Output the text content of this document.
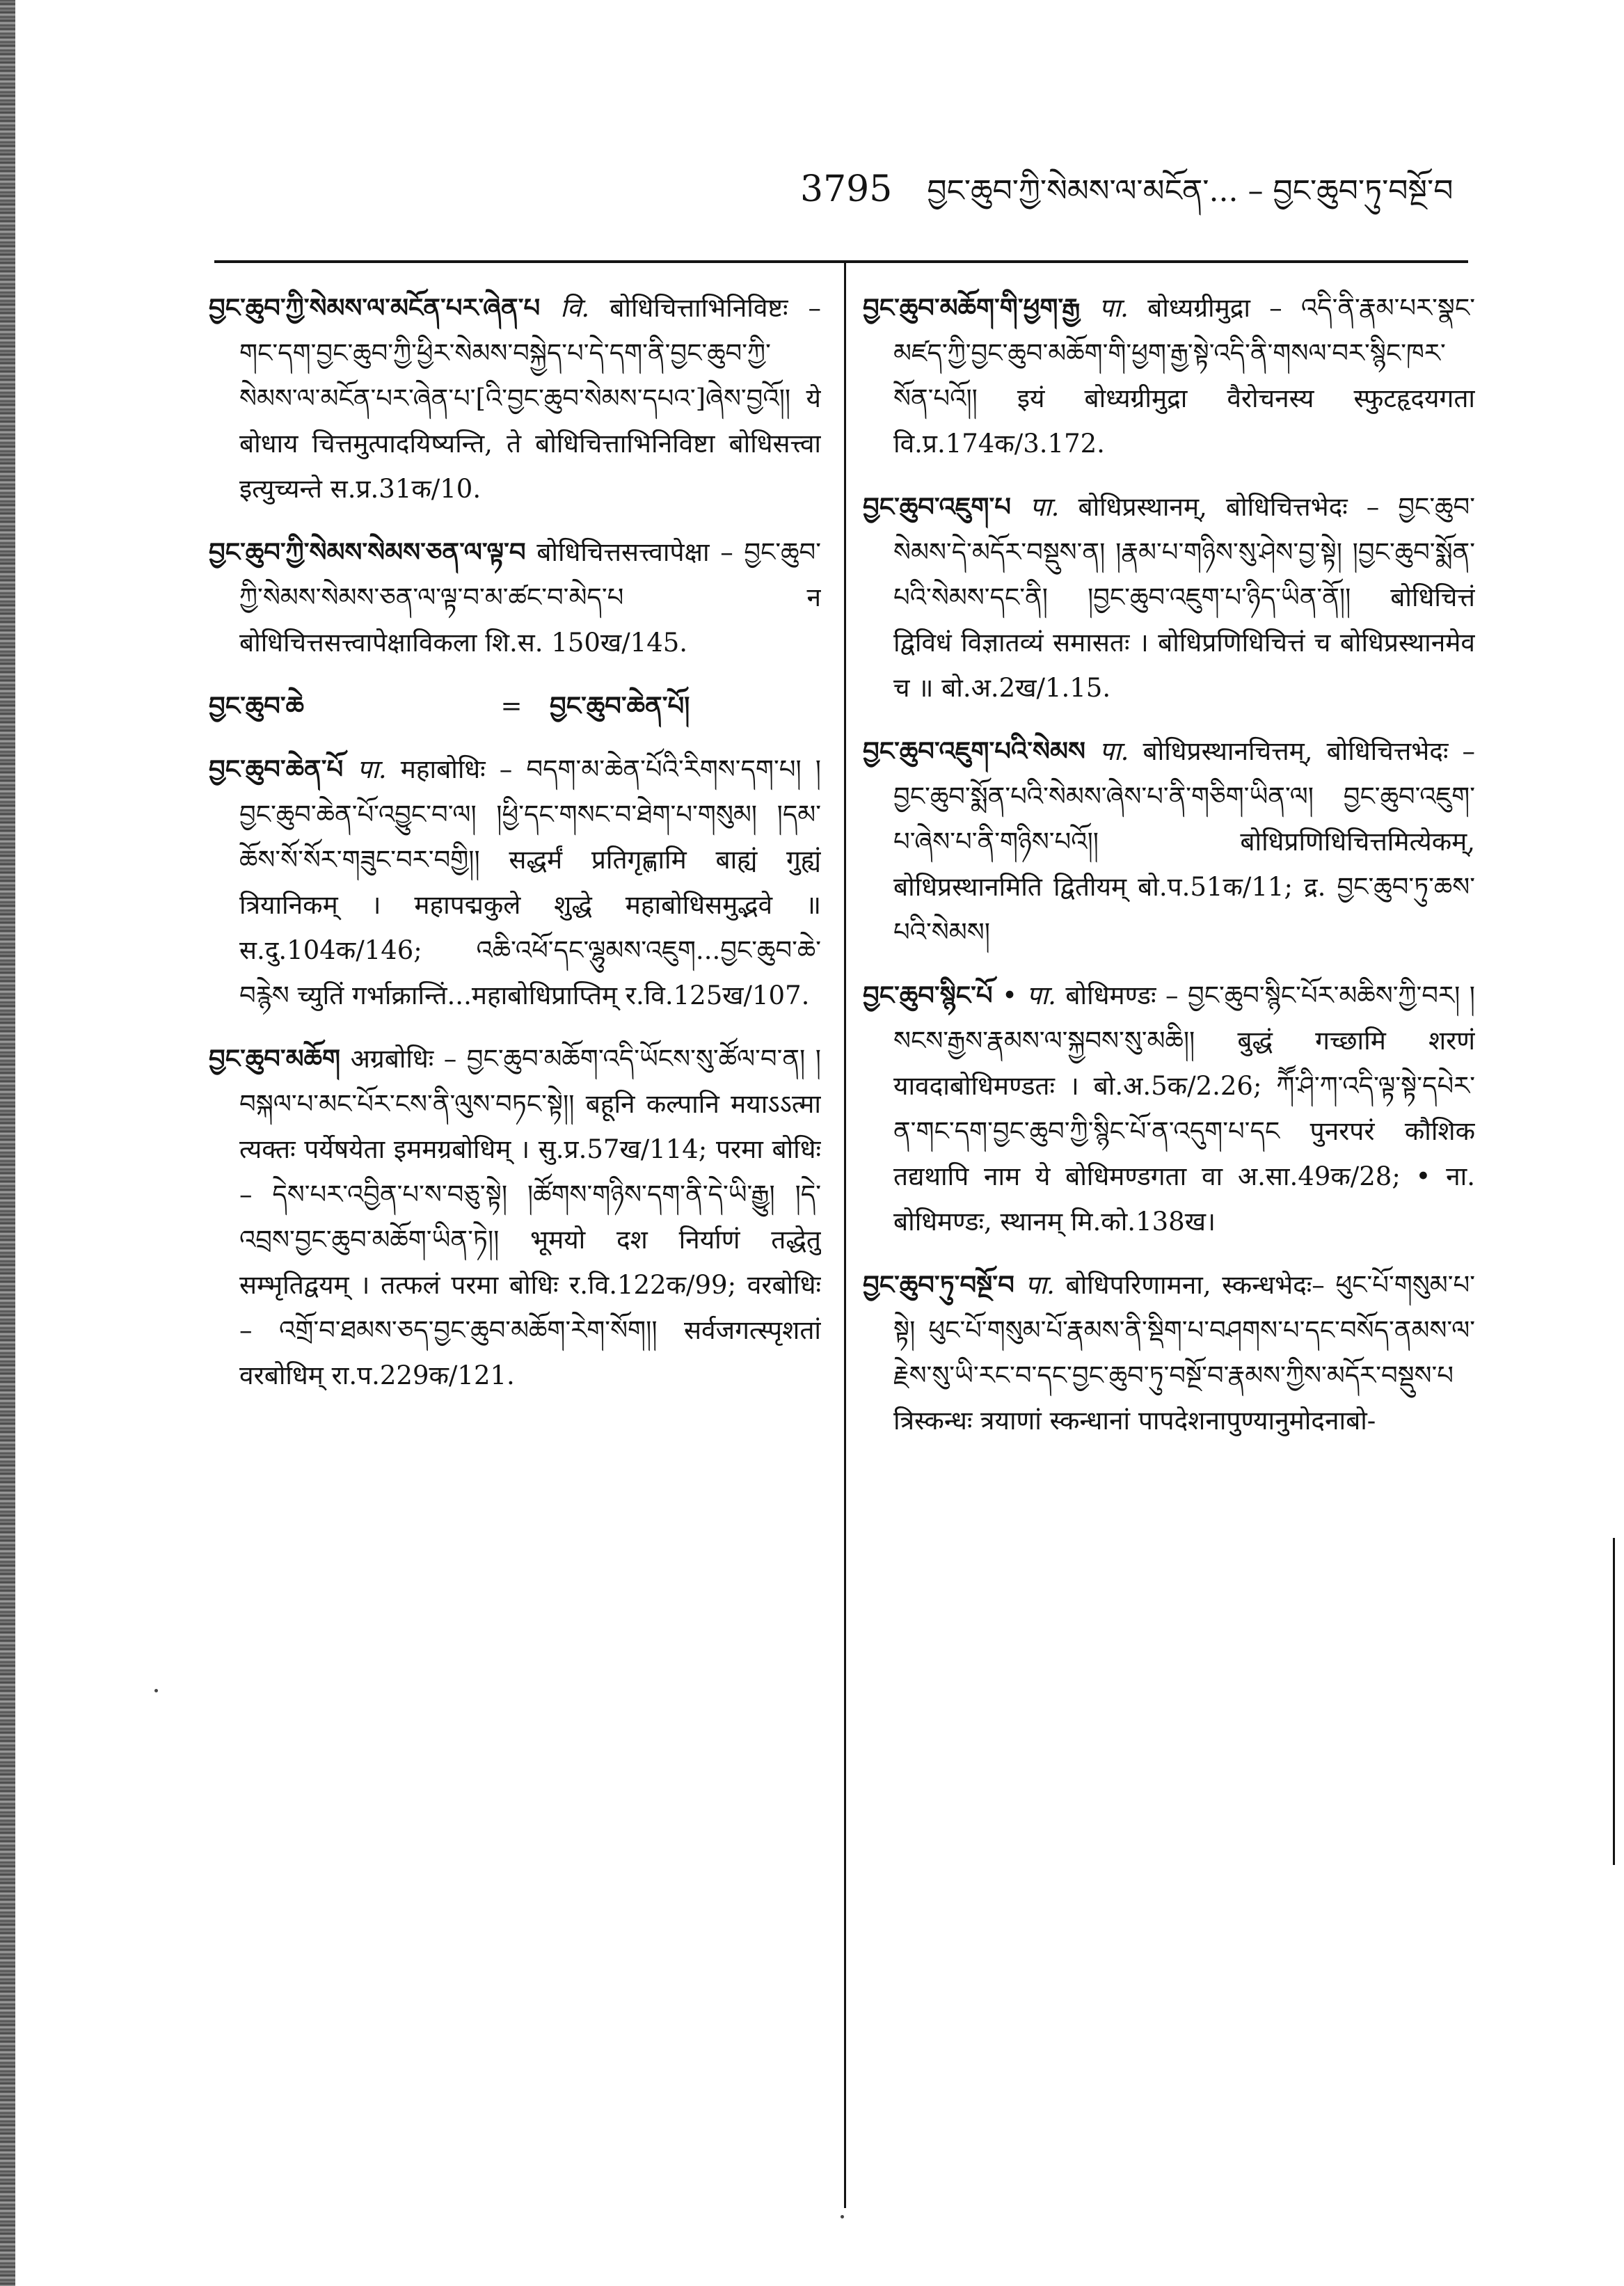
3795 བྱང་ཆུབ་ཀྱི་སེམས་ལ་མངོན་... – བྱང་ཆུབ་ཏུ་བསྔོ་བ

བྱང་ཆུབ་ཀྱི་སེམས་ལ་མངོན་པར་ཞེན་པ वि. बोधिचित्ताभिनिविष्टः – གང་དག་བྱང་ཆུབ་ཀྱི་ཕྱིར་སེམས་བསྐྱེད་པ་དེ་དག་ནི་བྱང་ཆུབ་ཀྱི་སེམས་ལ་མངོན་པར་ཞེན་པ་[འི་བྱང་ཆུབ་སེམས་དཔའ་]ཞེས་བྱའོ།། ये बोधाय चित्तमुत्पादयिष्यन्ति, ते बोधिचित्ताभिनिविष्टा बोधिसत्त्वा इत्युच्यन्ते स.प्र.31क/10.

བྱང་ཆུབ་ཀྱི་སེམས་སེམས་ཅན་ལ་ལྟ་བ बोधिचित्तसत्त्वापेक्षा – བྱང་ཆུབ་ཀྱི་སེམས་སེམས་ཅན་ལ་ལྟ་བ་མ་ཚང་བ་མེད་པ न बोधिचित्तसत्त्वापेक्षाविकला शि.स. 150ख/145.

བྱང་ཆུབ་ཆེ	=	བྱང་ཆུབ་ཆེན་པོ།

བྱང་ཆུབ་ཆེན་པོ पा. महाबोधिः – བདག་མ་ཆེན་པོའི་རིགས་དག་པ། །བྱང་ཆུབ་ཆེན་པོ་འབྱུང་བ་ལ། །ཕྱི་དང་གསང་བ་ཐེག་པ་གསུམ། །དམ་ཆོས་སོ་སོར་གཟུང་བར་བགྱི།། सद्धर्मं प्रतिगृह्णामि बाह्यं गुह्यं त्रियानिकम् । महापद्मकुले शुद्धे महाबोधिसमुद्भवे ॥ स.दु.104क/146; འཆི་འཕོ་དང་ལྷུམས་འཇུག...བྱང་ཆུབ་ཆེ་བརྙེས च्युतिं गर्भाक्रान्तिं...महाबोधिप्राप्तिम् र.वि.125ख/107.

བྱང་ཆུབ་མཆོག अग्रबोधिः – བྱང་ཆུབ་མཆོག་འདི་ཡོངས་སུ་ཚོལ་བ་ན། །བསྐལ་པ་མང་པོར་ངས་ནི་ལུས་བཏང་སྟེ།། बहूनि कल्पानि मयाऽऽत्मा त्यक्तः पर्येषयेता इममग्रबोधिम् । सु.प्र.57ख/114; परमा बोधिः – དེས་པར་འབྱིན་པ་ས་བཅུ་སྟེ། །ཚོགས་གཉིས་དག་ནི་དེ་ཡི་རྒྱུ། །དེ་འབྲས་བྱང་ཆུབ་མཆོག་ཡིན་ཏེ།། भूमयो दश निर्याणं तद्धेतु सम्भृतिद्वयम् । तत्फलं परमा बोधिः र.वि.122क/99; वरबोधिः – འགྲོ་བ་ཐམས་ཅད་བྱང་ཆུབ་མཆོག་རེག་སོག།། सर्वजगत्स्पृशतां वरबोधिम् रा.प.229क/121.

བྱང་ཆུབ་མཆོག་གི་ཕྱག་རྒྱ पा. बोध्यग्रीमुद्रा – འདི་ནི་རྣམ་པར་སྣང་མཛད་ཀྱི་བྱང་ཆུབ་མཆོག་གི་ཕྱག་རྒྱ་སྟེ་འདི་ནི་གསལ་བར་སྙིང་ཁར་སོན་པའོ།། इयं बोध्यग्रीमुद्रा वैरोचनस्य स्फुटहृदयगता वि.प्र.174क/3.172.

བྱང་ཆུབ་འཇུག་པ पा. बोधिप्रस्थानम्, बोधिचित्तभेदः – བྱང་ཆུབ་སེམས་དེ་མདོར་བསྡུས་ན། །རྣམ་པ་གཉིས་སུ་ཤེས་བྱ་སྟེ། །བྱང་ཆུབ་སྨོན་པའི་སེམས་དང་ནི། །བྱང་ཆུབ་འཇུག་པ་ཉིད་ཡིན་ནོ།། बोधिचित्तं द्विविधं विज्ञातव्यं समासतः । बोधिप्रणिधिचित्तं च बोधिप्रस्थानमेव च ॥ बो.अ.2ख/1.15.

བྱང་ཆུབ་འཇུག་པའི་སེམས पा. बोधिप्रस्थानचित्तम्, बोधिचित्तभेदः – བྱང་ཆུབ་སྨོན་པའི་སེམས་ཞེས་པ་ནི་གཅིག་ཡིན་ལ། བྱང་ཆུབ་འཇུག་པ་ཞེས་པ་ནི་གཉིས་པའོ།། बोधिप्रणिधिचित्तमित्येकम्, बोधिप्रस्थानमिति द्वितीयम् बो.प.51क/11; द्र. བྱང་ཆུབ་ཏུ་ཆས་པའི་སེམས།

བྱང་ཆུབ་སྙིང་པོ • पा. बोधिमण्डः – བྱང་ཆུབ་སྙིང་པོར་མཆིས་ཀྱི་བར། །སངས་རྒྱས་རྣམས་ལ་སྐྱབས་སུ་མཆི།། बुद्धं गच्छामि शरणं यावदाबोधिमण्डतः । बो.अ.5क/2.26; ཀཽ་ཤི་ཀ་འདི་ལྟ་སྟེ་དཔེར་ན་གང་དག་བྱང་ཆུབ་ཀྱི་སྙིང་པོ་ན་འདུག་པ་དང पुनरपरं कौशिक तद्यथापि नाम ये बोधिमण्डगता वा अ.सा.49क/28; • ना. बोधिमण्डः, स्थानम् मि.को.138ख।

བྱང་ཆུབ་ཏུ་བསྔོ་བ पा. बोधिपरिणामना, स्कन्धभेदः– ཕུང་པོ་གསུམ་པ་སྟེ། ཕུང་པོ་གསུམ་པོ་རྣམས་ནི་སྡིག་པ་བཤགས་པ་དང་བསོད་ནམས་ལ་རྗེས་སུ་ཡི་རང་བ་དང་བྱང་ཆུབ་ཏུ་བསྔོ་བ་རྣམས་ཀྱིས་མདོར་བསྡུས་པ त्रिस्कन्धः त्रयाणां स्कन्धानां पापदेशनापुण्यानुमोदनाबो-
